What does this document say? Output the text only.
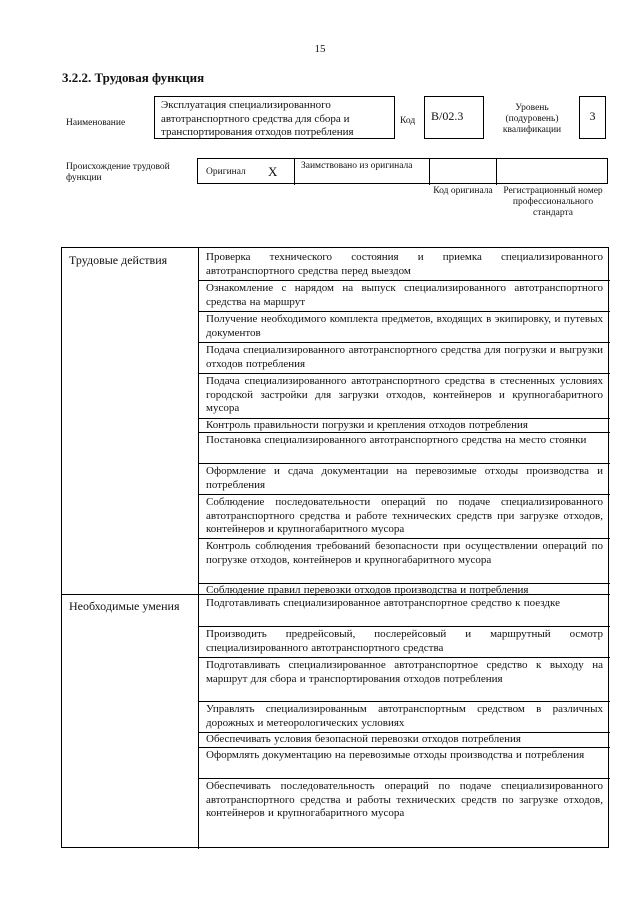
15
3.2.2. Трудовая функция
Наименование
Эксплуатация специализированного автотранспортного средства для сбора и транспортирования отходов потребления
Код	B/02.3
Уровень (подуровень) квалификации
3
Происхождение трудовой функции
Оригинал X Заимствовано из оригинала
Код оригинала	Регистрационный номер профессионального стандарта
Трудовые действия
Необходимые умения
Проверка технического состояния и приемка специализированного автотранспортного средства перед выездом
Ознакомление с нарядом на выпуск специализированного автотранспортного средства на маршрут
Получение необходимого комплекта предметов, входящих в экипировку, и путевых документов
Подача специализированного автотранспортного средства для погрузки и выгрузки отходов потребления
Подача специализированного автотранспортного средства в стесненных условиях городской застройки для загрузки отходов, контейнеров и крупногабаритного мусора
Контроль правильности погрузки и крепления отходов потребления
Постановка специализированного автотранспортного средства на место стоянки
Оформление и сдача документации на перевозимые отходы производства и потребления
Соблюдение последовательности операций по подаче специализированного автотранспортного средства и работе технических средств при загрузке отходов, контейнеров и крупногабаритного мусора
Контроль соблюдения требований безопасности при осуществлении операций по погрузке отходов, контейнеров и крупногабаритного мусора
Соблюдение правил перевозки отходов производства и потребления
Подготавливать специализированное автотранспортное средство к поездке
Производить предрейсовый, послерейсовый и маршрутный осмотр специализированного автотранспортного средства
Подготавливать специализированное автотранспортное средство к выходу на маршрут для сбора и транспортирования отходов потребления
Управлять специализированным автотранспортным средством в различных дорожных и метеорологических условиях
Обеспечивать условия безопасной перевозки отходов потребления
Оформлять документацию на перевозимые отходы производства и потребления
Обеспечивать последовательность операций по подаче специализированного автотранспортного средства и работы технических средств по загрузке отходов, контейнеров и крупногабаритного мусора
